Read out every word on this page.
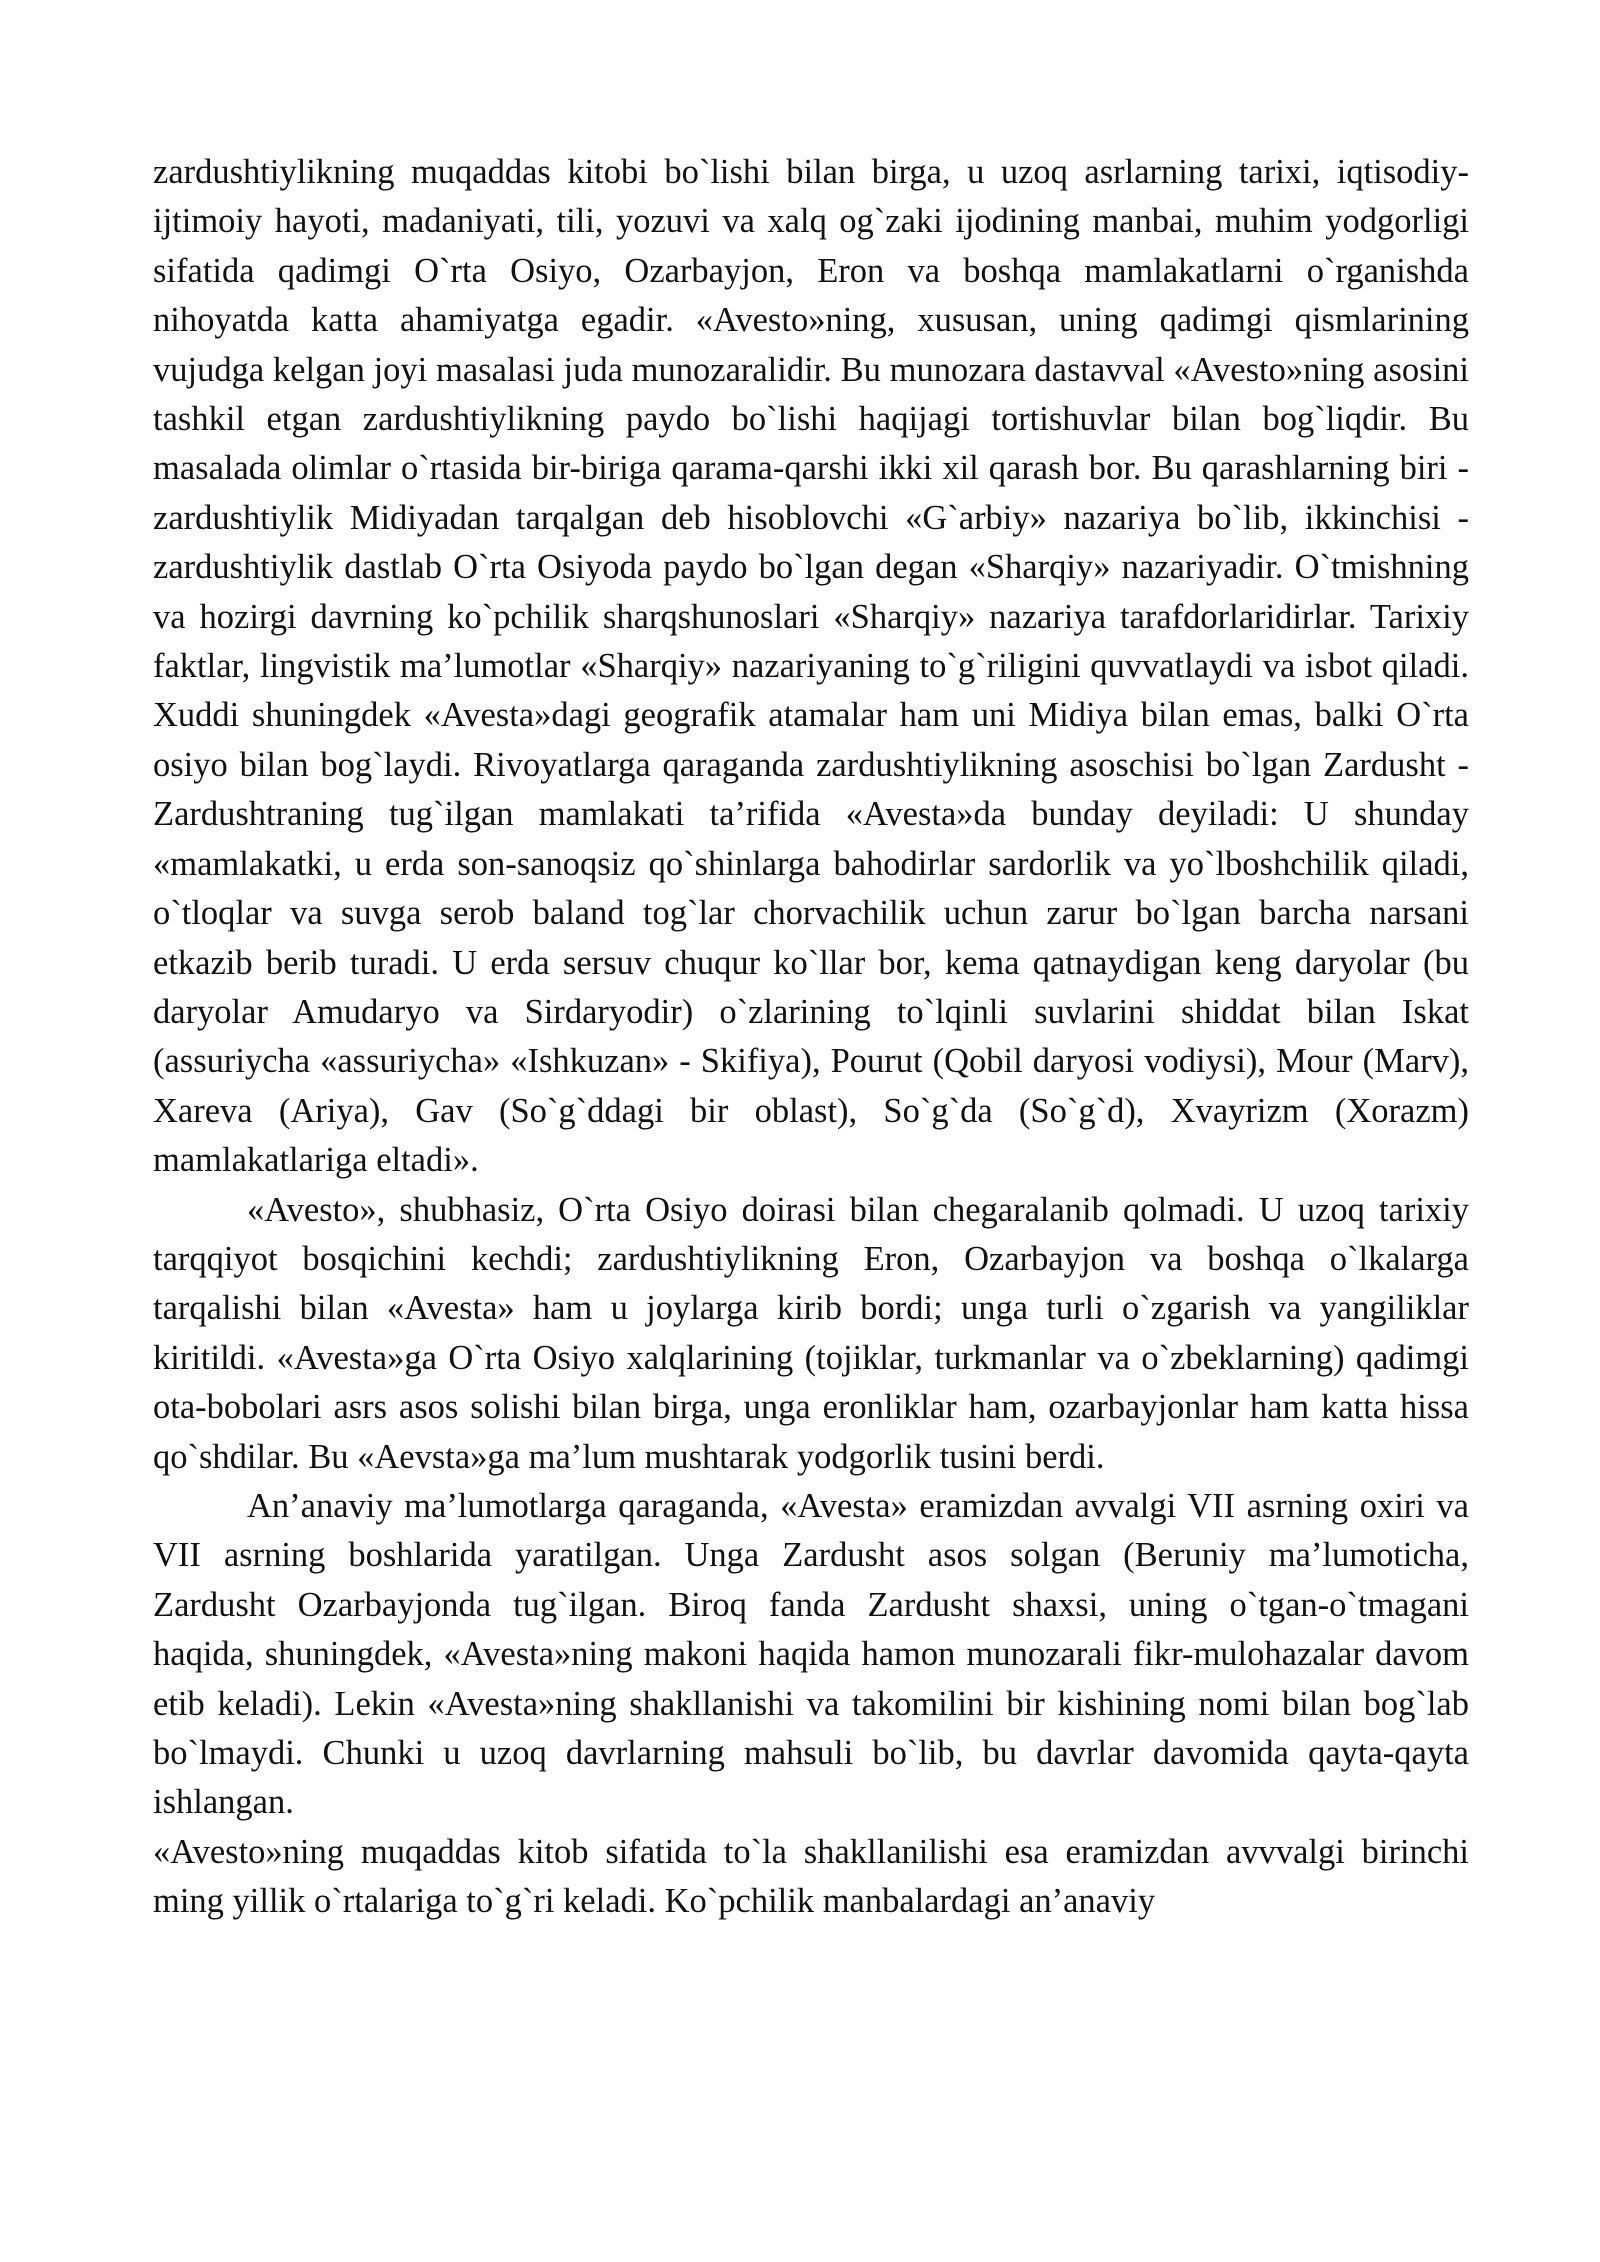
zardushtiylikning muqaddas kitobi bo`lishi bilan birga, u uzoq asrlarning tarixi, iqtisodiy-ijtimoiy hayoti, madaniyati, tili, yozuvi va xalq og`zaki ijodining manbai, muhim yodgorligi sifatida qadimgi O`rta Osiyo, Ozarbayjon, Eron va boshqa mamlakatlarni o`rganishda nihoyatda katta ahamiyatga egadir. «Avesto»ning, xususan, uning qadimgi qismlarining vujudga kelgan joyi masalasi juda munozaralidir. Bu munozara dastavval «Avesto»ning asosini tashkil etgan zardushtiylikning paydo bo`lishi haqijagi tortishuvlar bilan bog`liqdir. Bu masalada olimlar o`rtasida bir-biriga qarama-qarshi ikki xil qarash bor. Bu qarashlarning biri - zardushtiylik Midiyadan tarqalgan deb hisoblovchi «G`arbiy» nazariya bo`lib, ikkinchisi - zardushtiylik dastlab O`rta Osiyoda paydo bo`lgan degan «Sharqiy» nazariyadir. O`tmishning va hozirgi davrning ko`pchilik sharqshunoslari «Sharqiy» nazariya tarafdorlaridirlar. Tarixiy faktlar, lingvistik ma’lumotlar «Sharqiy» nazariyaning to`g`riligini quvvatlaydi va isbot qiladi. Xuddi shuningdek «Avesta»dagi geografik atamalar ham uni Midiya bilan emas, balki O`rta osiyo bilan bog`laydi. Rivoyatlarga qaraganda zardushtiylikning asoschisi bo`lgan Zardusht - Zardushtraning tug`ilgan mamlakati ta’rifida «Avesta»da bunday deyiladi: U shunday «mamlakatki, u erda son-sanoqsiz qo`shinlarga bahodirlar sardorlik va yo`lboshchilik qiladi, o`tloqlar va suvga serob baland tog`lar chorvachilik uchun zarur bo`lgan barcha narsani etkazib berib turadi. U erda sersuv chuqur ko`llar bor, kema qatnaydigan keng daryolar (bu daryolar Amudaryo va Sirdaryodir) o`zlarining to`lqinli suvlarini shiddat bilan Iskat (assuriycha «assuriycha» «Ishkuzan» - Skifiya), Pourut (Qobil daryosi vodiysi), Mour (Marv), Xareva (Ariya), Gav (So`g`ddagi bir oblast), So`g`da (So`g`d), Xvayrizm (Xorazm) mamlakatlariga eltadi».

«Avesto», shubhasiz, O`rta Osiyo doirasi bilan chegaralanib qolmadi. U uzoq tarixiy tarqqiyot bosqichini kechdi; zardushtiylikning Eron, Ozarbayjon va boshqa o`lkalarga tarqalishi bilan «Avesta» ham u joylarga kirib bordi; unga turli o`zgarish va yangiliklar kiritildi. «Avesta»ga O`rta Osiyo xalqlarining (tojiklar, turkmanlar va o`zbeklarning) qadimgi ota-bobolari asrs asos solishi bilan birga, unga eronliklar ham, ozarbayjonlar ham katta hissa qo`shdilar. Bu «Aevsta»ga ma’lum mushtarak yodgorlik tusini berdi.

An’anaviy ma’lumotlarga qaraganda, «Avesta» eramizdan avvalgi VII asrning oxiri va VII asrning boshlarida yaratilgan. Unga Zardusht asos solgan (Beruniy ma’lumoticha, Zardusht Ozarbayjonda tug`ilgan. Biroq fanda Zardusht shaxsi, uning o`tgan-o`tmagani haqida, shuningdek, «Avesta»ning makoni haqida hamon munozarali fikr-mulohazalar davom etib keladi). Lekin «Avesta»ning shakllanishi va takomilini bir kishining nomi bilan bog`lab bo`lmaydi. Chunki u uzoq davrlarning mahsuli bo`lib, bu davrlar davomida qayta-qayta ishlangan.

«Avesto»ning muqaddas kitob sifatida to`la shakllanilishi esa eramizdan avvvalgi birinchi ming yillik o`rtalariga to`g`ri keladi. Ko`pchilik manbalardagi an’anaviy
